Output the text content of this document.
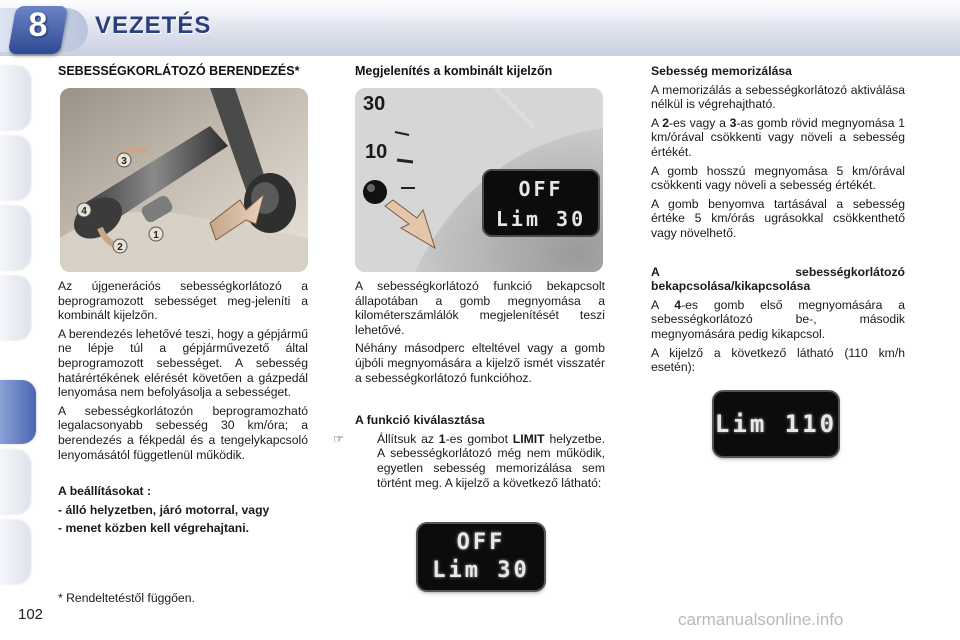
8	VEZETÉS
SEBESSÉGKORLÁTOZÓ BERENDEZÉS*
3
4
2
1

Az újgenerációs sebességkorlátozó a beprogramozott sebességet meg-jeleníti a kombinált kijelzőn.

A berendezés lehetővé teszi, hogy a gépjármű ne lépje túl a gépjárművezető által beprogramozott sebességet. A sebesség határértékének elérését követően a gázpedál lenyomása nem befolyásolja a sebességet.

A sebességkorlátozón beprogramozható legalacsonyabb sebesség 30 km/óra; a berendezés a fékpedál és a tengelykapcsoló lenyomásától függetlenül működik.

A beállításokat :

- álló helyzetben, járó motorral, vagy

- menet közben kell végrehajtani.

* Rendeltetéstől függően.
Megjelenítés a kombinált kijelzőn
30
10
OFF
Lim 30

A sebességkorlátozó funkció bekapcsolt állapotában a gomb megnyomása a kilométerszámlálók megjelenítését teszi lehetővé.

Néhány másodperc elteltével vagy a gomb újbóli megnyomására a kijelző ismét visszatér a sebességkorlátozó funkcióhoz.

A funkció kiválasztása

☞	Állítsuk az 1-es gombot LIMIT helyzetbe. A sebességkorlátozó még nem működik, egyetlen sebesség memorizálása sem történt meg. A kijelző a következő látható:

OFF
Lim 30

Sebesség memorizálása

A memorizálás a sebességkorlátozó aktiválása nélkül is végrehajtható.

A 2-es vagy a 3-as gomb rövid megnyomása 1 km/órával csökkenti vagy növeli a sebesség értékét.

A gomb hosszú megnyomása 5 km/órával csökkenti vagy növeli a sebesség értékét.

A gomb benyomva tartásával a sebesség értéke 5 km/órás ugrásokkal csökkenthető vagy növelhető.

A sebességkorlátozó bekapcsolása/kikapcsolása

A 4-es gomb első megnyomására a sebességkorlátozó be-, második megnyomására pedig kikapcsol.

A kijelző a következő látható (110 km/h esetén):

Lim 110
102	carmanualsonline.info
